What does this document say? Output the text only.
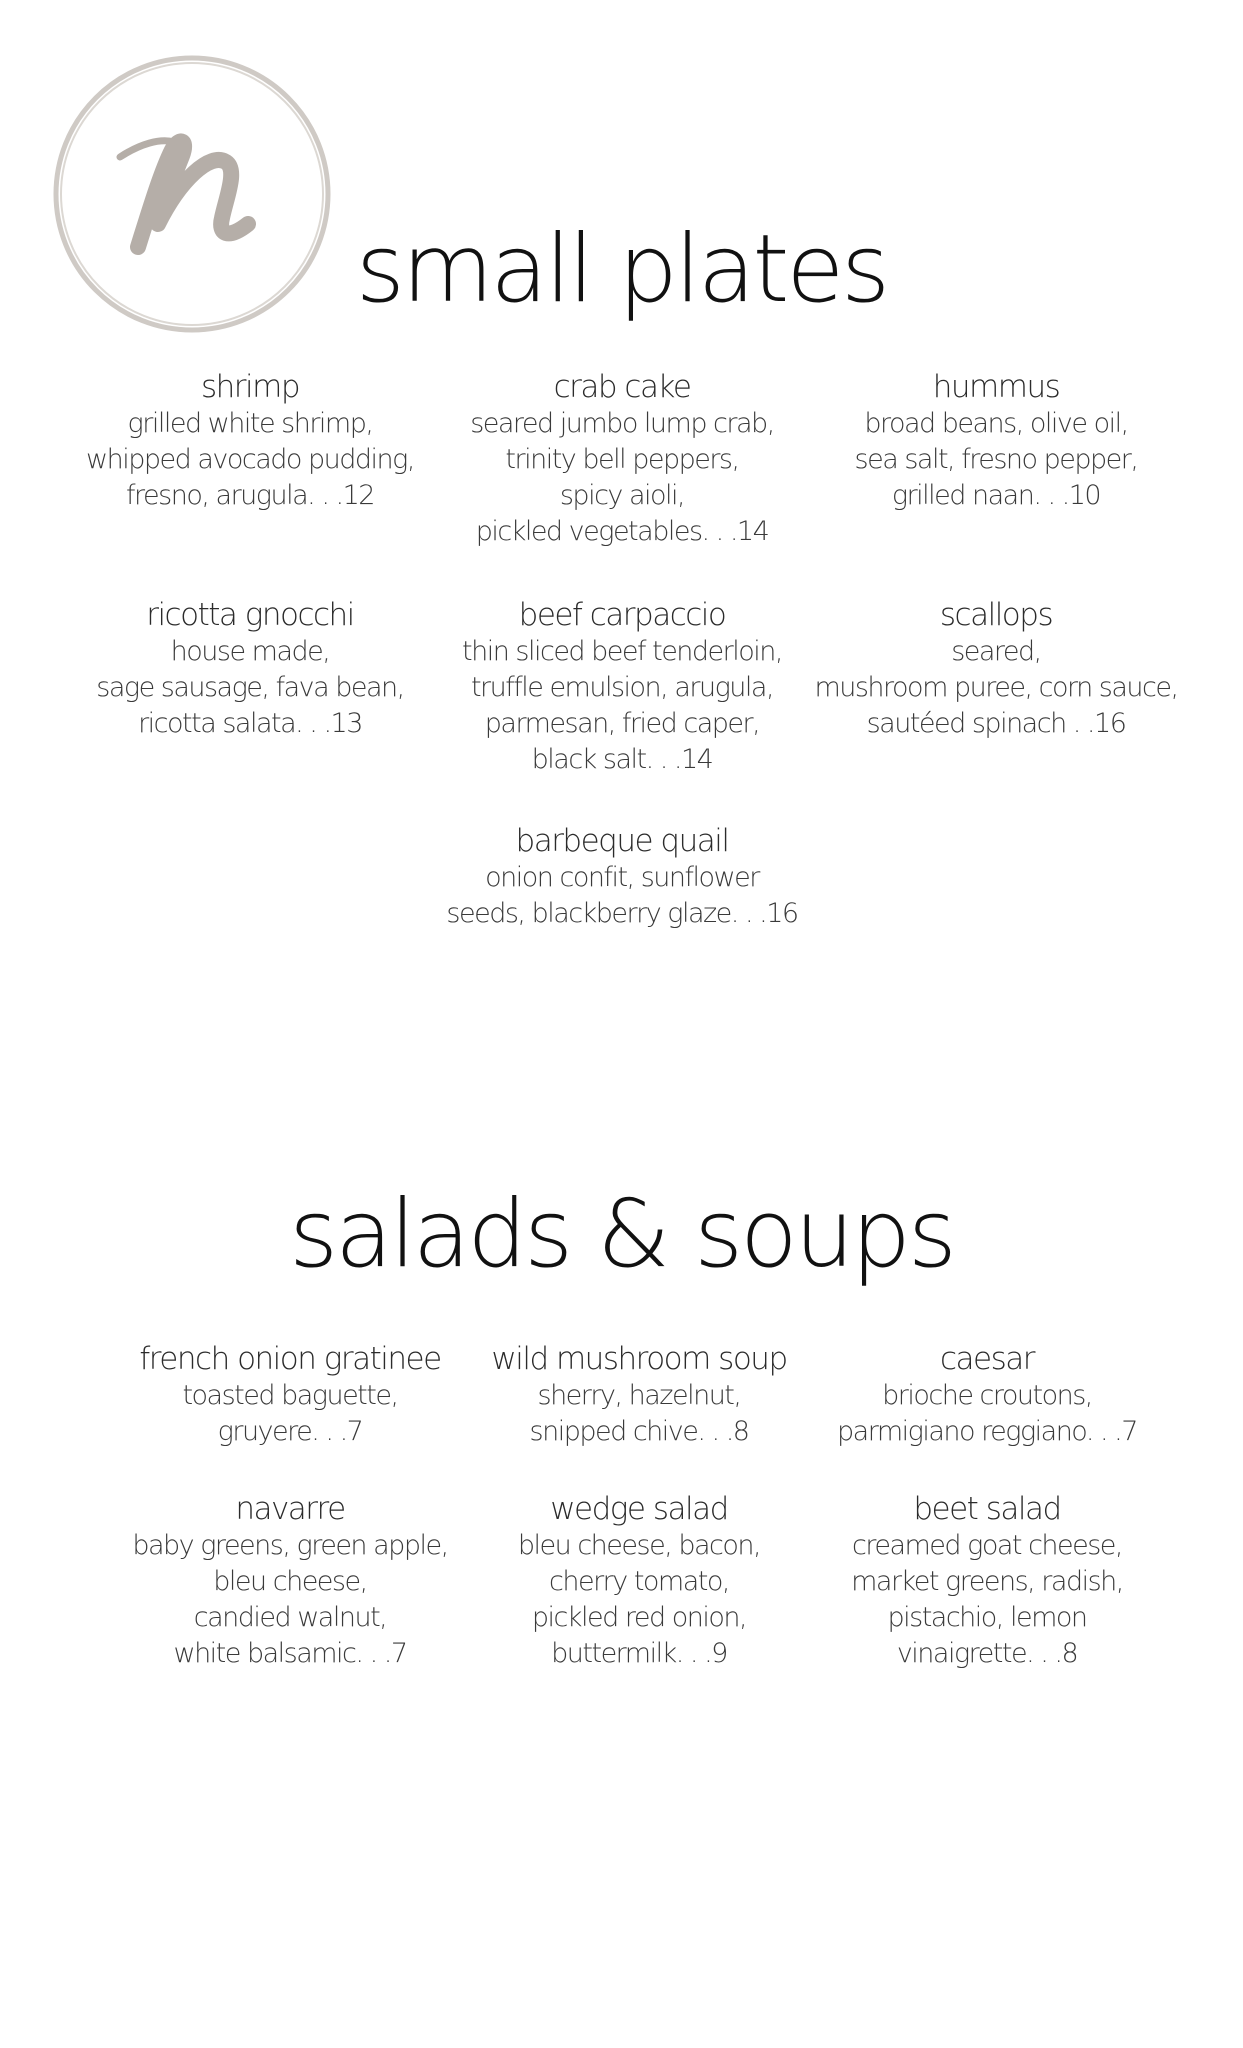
small plates
shrimp
grilled white shrimp,
whipped avocado pudding,
fresno, arugula. . .12
crab cake
seared jumbo lump crab,
trinity bell peppers,
spicy aioli,
pickled vegetables. . .14
hummus
broad beans, olive oil,
sea salt, fresno pepper,
grilled naan. . .10
ricotta gnocchi
house made,
sage sausage, fava bean,
ricotta salata. . .13
beef carpaccio
thin sliced beef tenderloin,
truffle emulsion, arugula,
parmesan, fried caper,
black salt. . .14
scallops
seared,
mushroom puree, corn sauce,
sautéed spinach . .16
barbeque quail
onion confit, sunflower
seeds, blackberry glaze. . .16
salads & soups
french onion gratinee
toasted baguette,
gruyere. . .7
wild mushroom soup
sherry, hazelnut,
snipped chive. . .8
caesar
brioche croutons,
parmigiano reggiano. . .7
navarre
baby greens, green apple,
bleu cheese,
candied walnut,
white balsamic. . .7
wedge salad
bleu cheese, bacon,
cherry tomato,
pickled red onion,
buttermilk. . .9
beet salad
creamed goat cheese,
market greens, radish,
pistachio, lemon
vinaigrette. . .8
